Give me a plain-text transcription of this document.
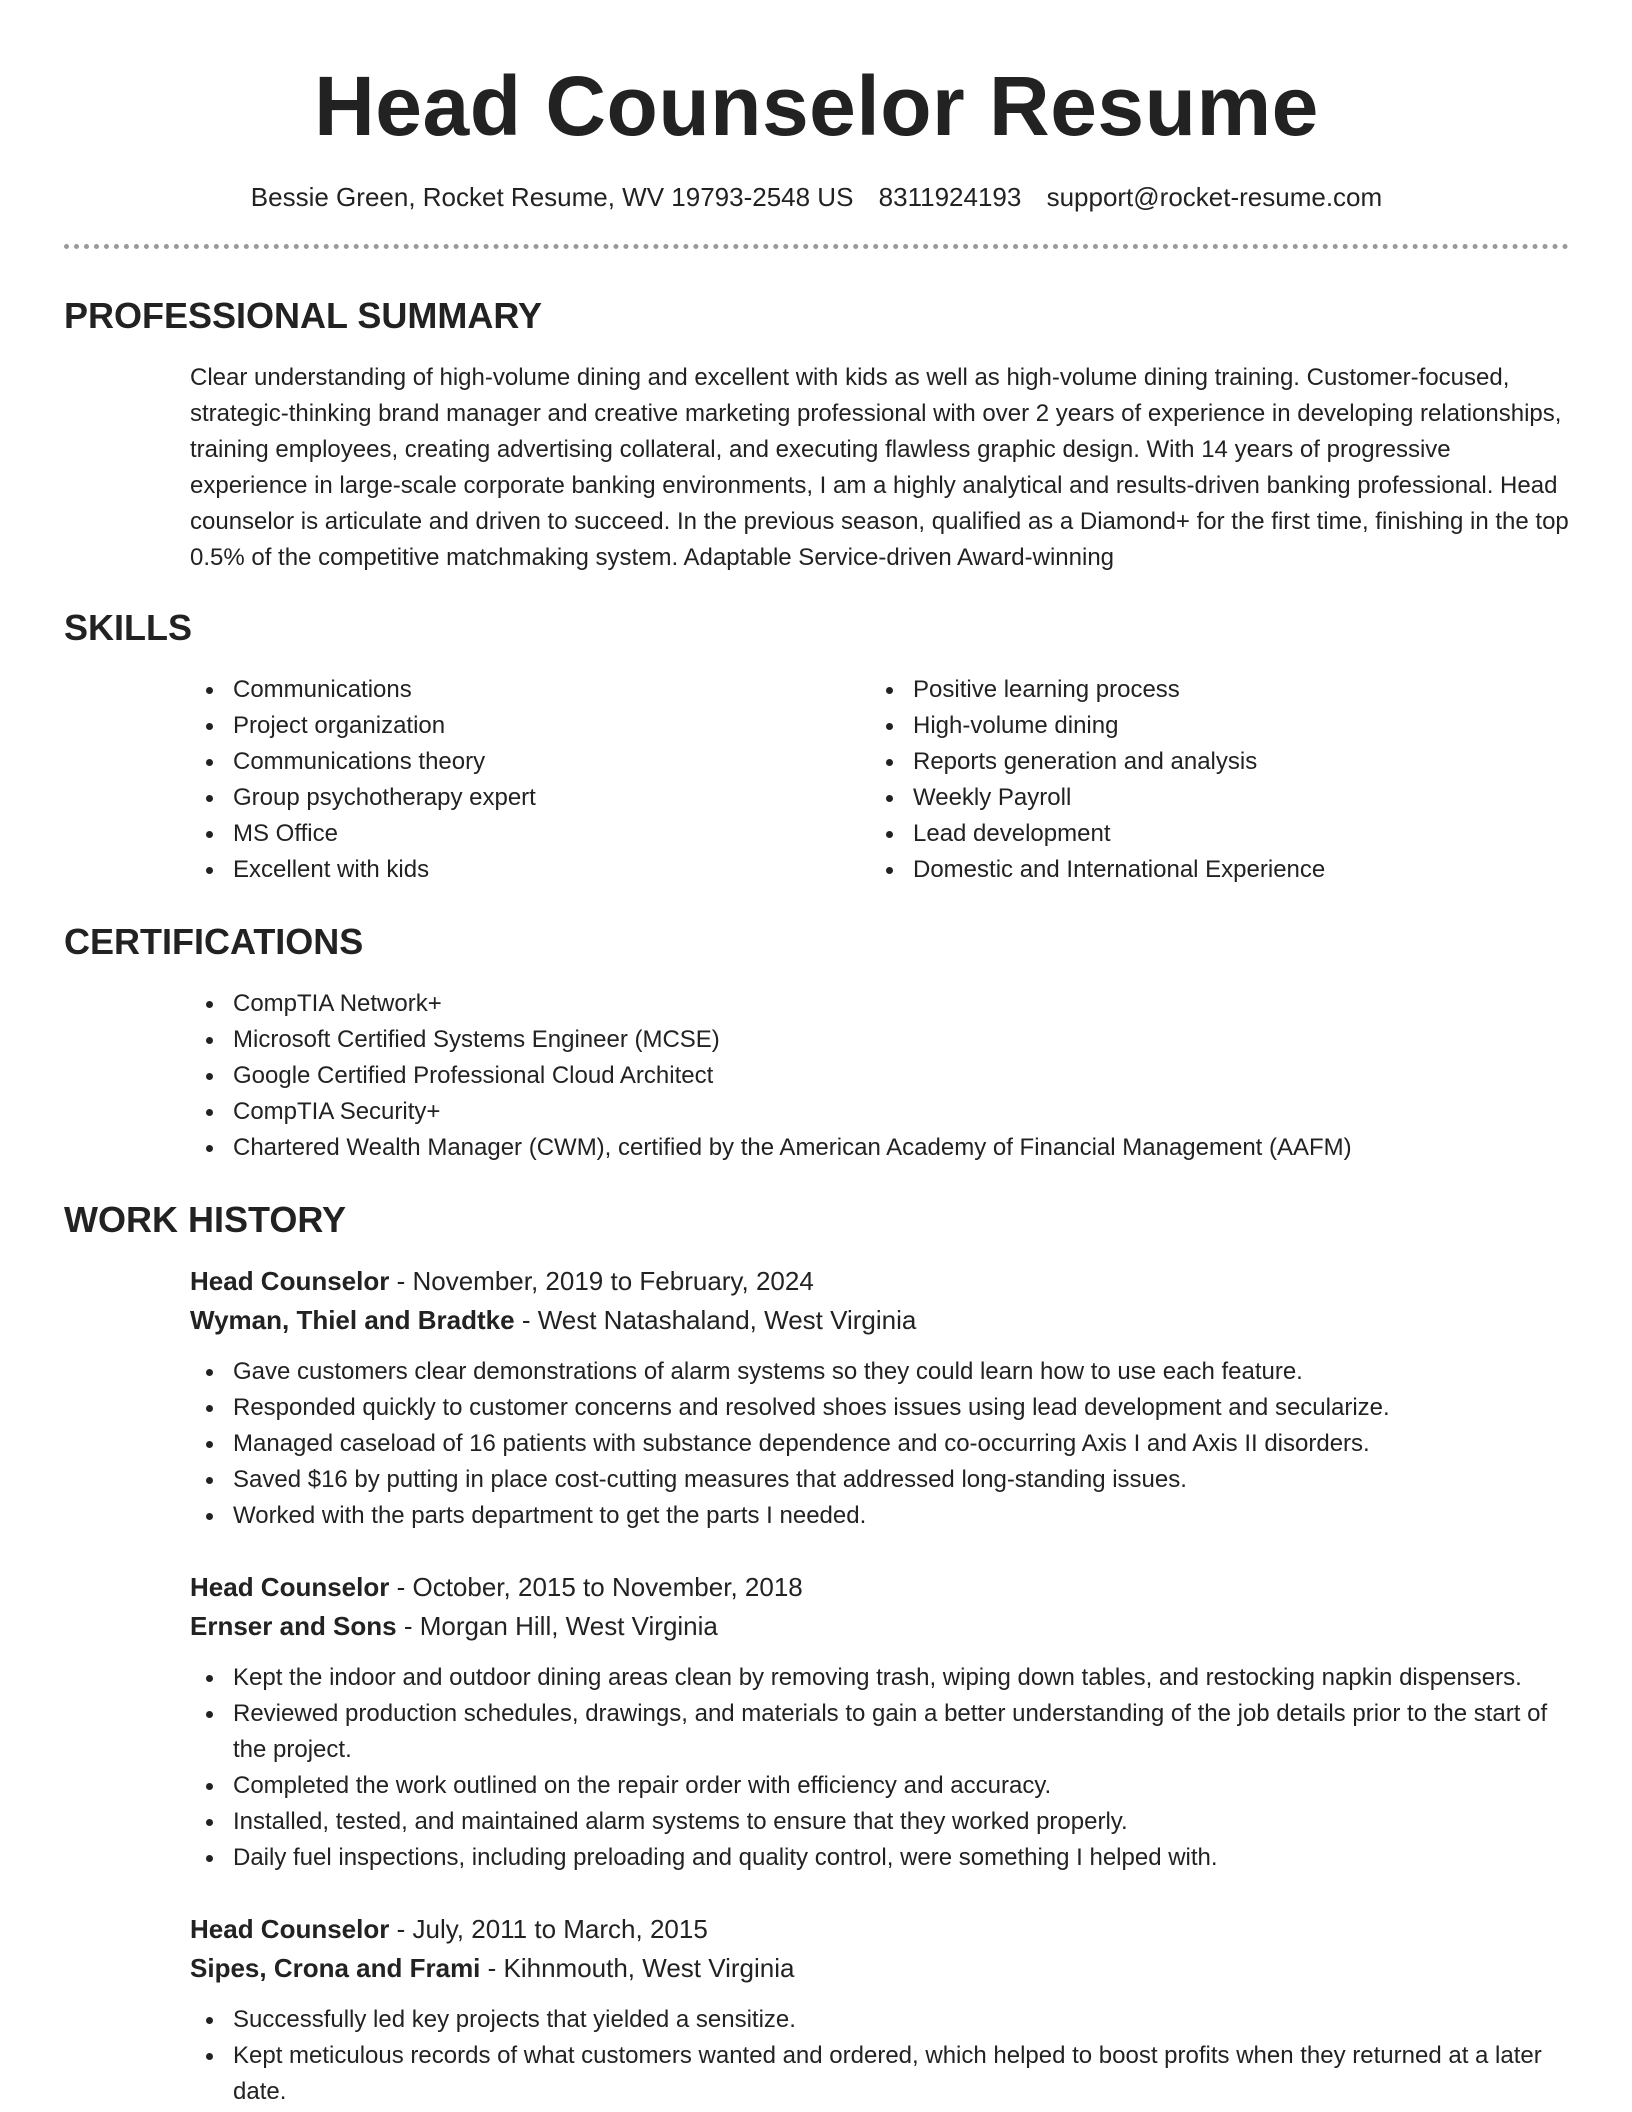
Head Counselor Resume
Bessie Green, Rocket Resume, WV 19793-2548 US 8311924193 support@rocket-resume.com
PROFESSIONAL SUMMARY

Clear understanding of high-volume dining and excellent with kids as well as high-volume dining training. Customer-focused, strategic-thinking brand manager and creative marketing professional with over 2 years of experience in developing relationships, training employees, creating advertising collateral, and executing flawless graphic design. With 14 years of progressive experience in large-scale corporate banking environments, I am a highly analytical and results-driven banking professional. Head counselor is articulate and driven to succeed. In the previous season, qualified as a Diamond+ for the first time, finishing in the top 0.5% of the competitive matchmaking system. Adaptable Service-driven Award-winning

SKILLS
Communications
Project organization
Communications theory
Group psychotherapy expert
MS Office
Excellent with kids
Positive learning process
High-volume dining
Reports generation and analysis
Weekly Payroll
Lead development
Domestic and International Experience
CERTIFICATIONS
CompTIA Network+
Microsoft Certified Systems Engineer (MCSE)
Google Certified Professional Cloud Architect
CompTIA Security+
Chartered Wealth Manager (CWM), certified by the American Academy of Financial Management (AAFM)
WORK HISTORY
Head Counselor - November, 2019 to February, 2024
Wyman, Thiel and Bradtke - West Natashaland, West Virginia
Gave customers clear demonstrations of alarm systems so they could learn how to use each feature.
Responded quickly to customer concerns and resolved shoes issues using lead development and secularize.
Managed caseload of 16 patients with substance dependence and co-occurring Axis I and Axis II disorders.
Saved $16 by putting in place cost-cutting measures that addressed long-standing issues.
Worked with the parts department to get the parts I needed.
Head Counselor - October, 2015 to November, 2018
Ernser and Sons - Morgan Hill, West Virginia
Kept the indoor and outdoor dining areas clean by removing trash, wiping down tables, and restocking napkin dispensers.
Reviewed production schedules, drawings, and materials to gain a better understanding of the job details prior to the start of the project.
Completed the work outlined on the repair order with efficiency and accuracy.
Installed, tested, and maintained alarm systems to ensure that they worked properly.
Daily fuel inspections, including preloading and quality control, were something I helped with.
Head Counselor - July, 2011 to March, 2015
Sipes, Crona and Frami - Kihnmouth, West Virginia
Successfully led key projects that yielded a sensitize.
Kept meticulous records of what customers wanted and ordered, which helped to boost profits when they returned at a later date.
